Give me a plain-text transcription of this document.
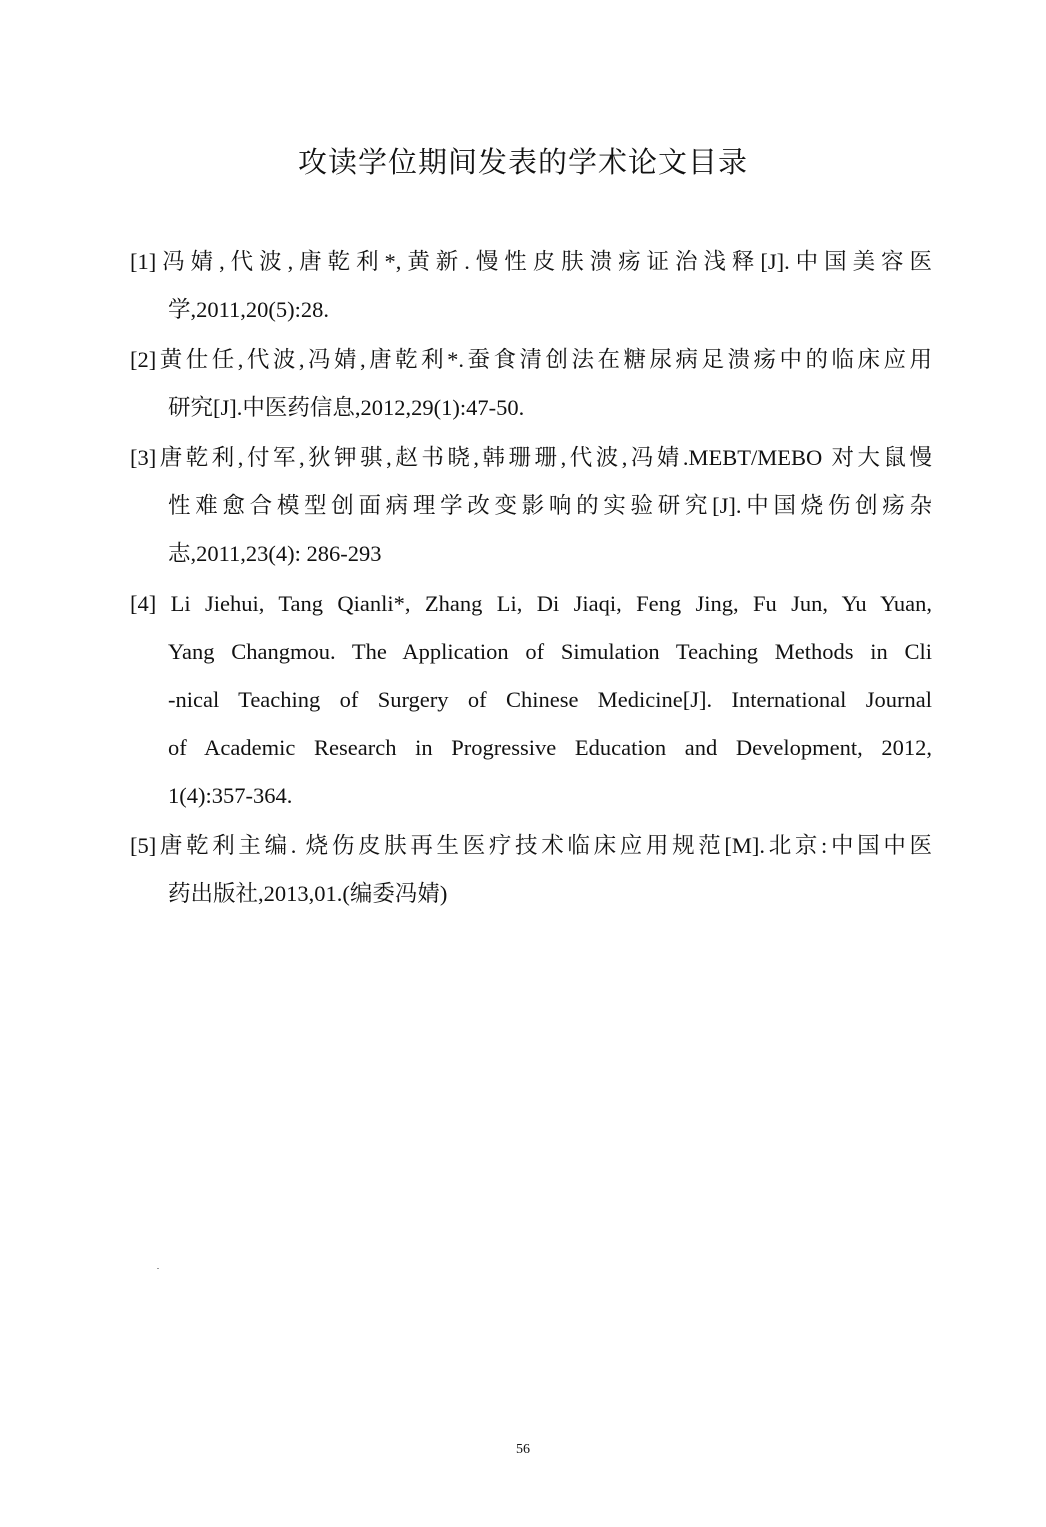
攻读学位期间发表的学术论文目录
[1]冯婧,代波,唐乾利*,黄新.慢性皮肤溃疡证治浅释[J].中国美容医
学,2011,20(5):28.
[2]黄仕任,代波,冯婧,唐乾利*.蚕食清创法在糖尿病足溃疡中的临床应用
研究[J].中医药信息,2012,29(1):47-50.
[3]唐乾利,付军,狄钾骐,赵书晓,韩珊珊,代波,冯婧.MEBT/MEBO 对大鼠慢
性难愈合模型创面病理学改变影响的实验研究[J].中国烧伤创疡杂
志,2011,23(4): 286-293
[4] Li Jiehui, Tang Qianli*, Zhang Li, Di Jiaqi, Feng Jing, Fu Jun, Yu Yuan,
Yang Changmou. The Application of Simulation Teaching Methods in Cli
-nical Teaching of Surgery of Chinese Medicine[J]. International Journal
of Academic Research in Progressive Education and Development, 2012,
1(4):357-364.
[5]唐乾利主编. 烧伤皮肤再生医疗技术临床应用规范[M].北京:中国中医
药出版社,2013,01.(编委冯婧)
56
